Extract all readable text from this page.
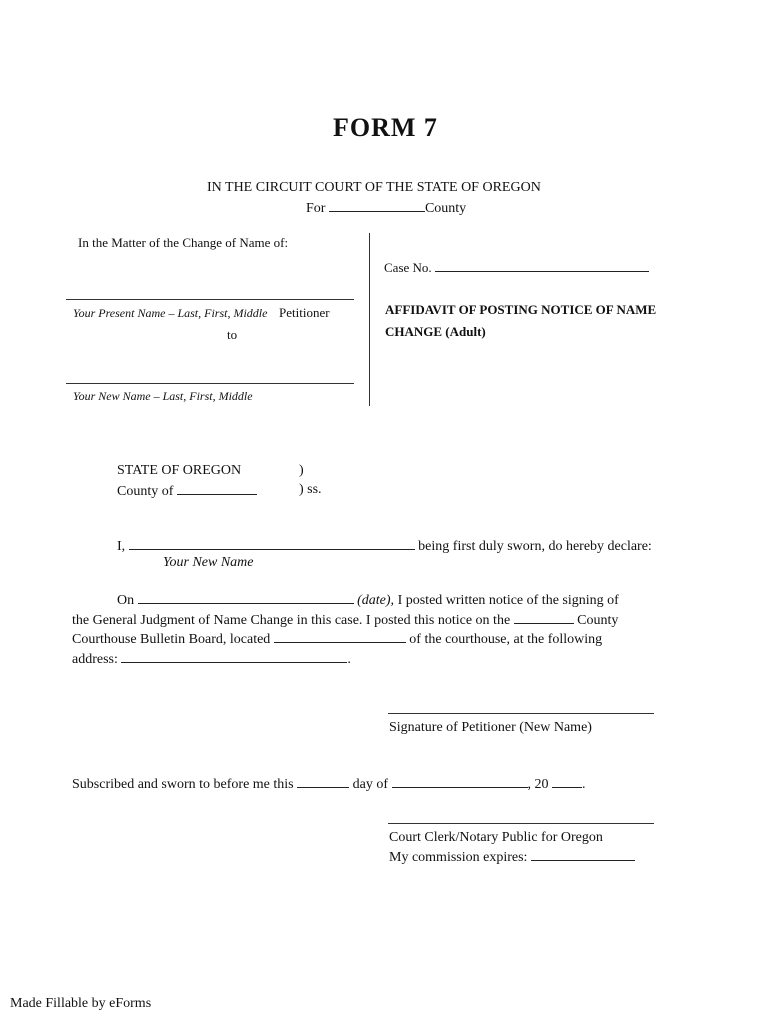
FORM 7
IN THE CIRCUIT COURT OF THE STATE OF OREGON
For	County
In the Matter of the Change of Name of:
Case No.
Your Present Name – Last, First, Middle Petitioner
to
AFFIDAVIT OF POSTING NOTICE OF NAME
CHANGE (Adult)
Your New Name – Last, First, Middle
STATE OF OREGON	)
County of	) ss.
I,	being first duly sworn, do hereby declare:
Your New Name
On	(date), I posted written notice of the signing of
the General Judgment of Name Change in this case. I posted this notice on the	County
Courthouse Bulletin Board, located	of the courthouse, at the following
address:	.
Signature of Petitioner (New Name)
Subscribed and sworn to before me this	day of	, 20 .
Court Clerk/Notary Public for Oregon
My commission expires:
Made Fillable by eForms
